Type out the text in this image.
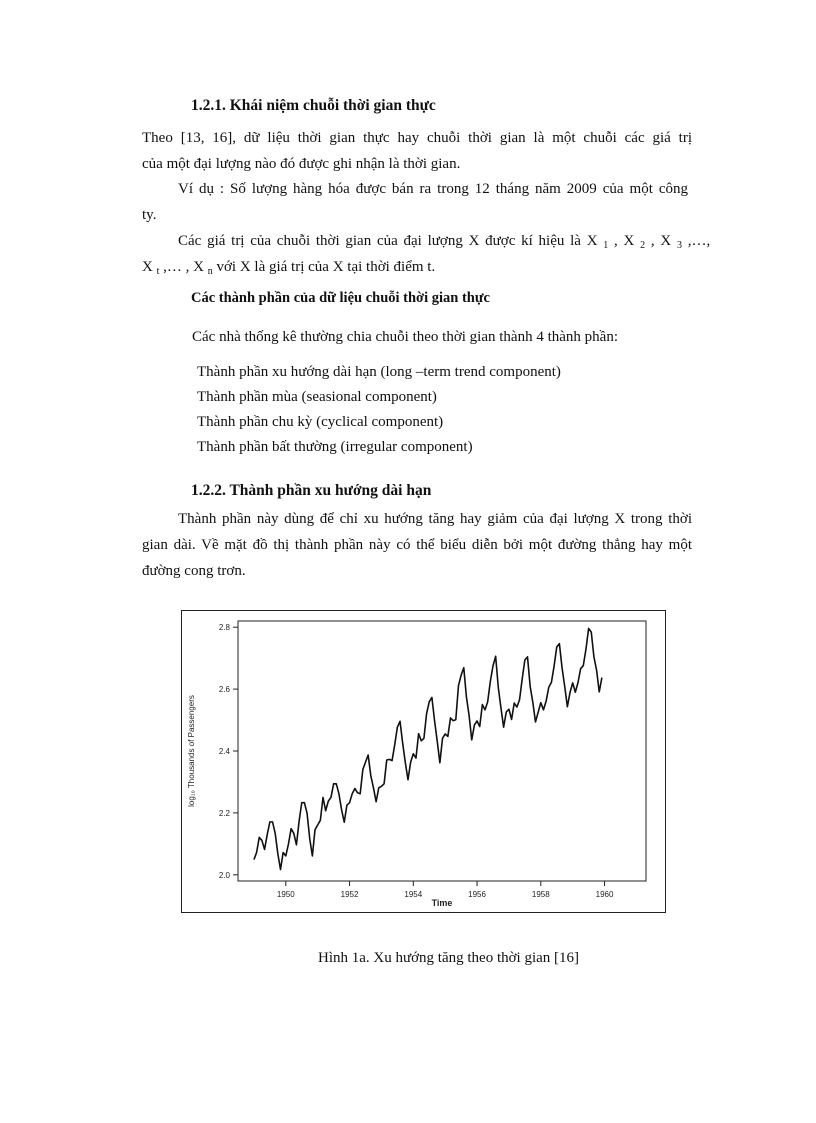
1.2.1. Khái niệm chuỗi thời gian thực
Theo [13, 16], dữ liệu thời gian thực hay chuỗi thời gian là một chuỗi các giá trị
của một đại lượng nào đó được ghi nhận là thời gian.
Ví dụ : Số lượng hàng hóa được bán ra trong 12 tháng năm 2009 của một công
ty.
Các giá trị của chuỗi thời gian của đại lượng X được kí hiệu là X $_1$ , X $_2$ , X $_3$ ,…,
X $_t$ ,… , X $_n$ với X là giá trị của X tại thời điểm t.
Các thành phần của dữ liệu chuỗi thời gian thực
Các nhà thống kê thường chia chuỗi theo thời gian thành 4 thành phần:
Thành phần xu hướng dài hạn (long –term trend component)
Thành phần mùa (seasional component)
Thành phần chu kỳ (cyclical component)
Thành phần bất thường (irregular component)
1.2.2. Thành phần xu hướng dài hạn
Thành phần này dùng để chỉ xu hướng tăng hay giảm của đại lượng X trong thời
gian dài. Về mặt đồ thị thành phần này có thể biểu diễn bởi một đường thẳng hay một
đường cong trơn.
1950	1952	1954	1956	1958	1960
2.0
2.2
2.4
2.6
2.8
Time
log₁₀ Thousands of Passengers
Hình 1a. Xu hướng tăng theo thời gian [16]
